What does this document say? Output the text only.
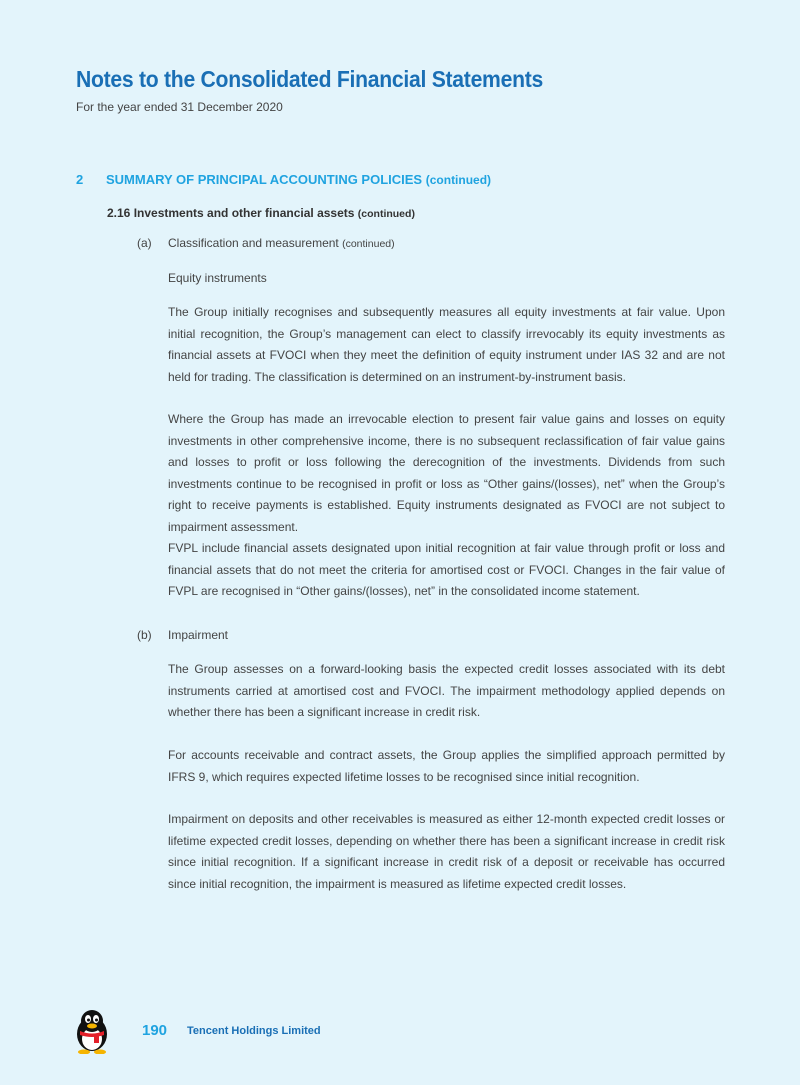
Notes to the Consolidated Financial Statements
For the year ended 31 December 2020
2 SUMMARY OF PRINCIPAL ACCOUNTING POLICIES (continued)
2.16 Investments and other financial assets (continued)
(a) Classification and measurement (continued)
Equity instruments

The Group initially recognises and subsequently measures all equity investments at fair value. Upon initial recognition, the Group’s management can elect to classify irrevocably its equity investments as financial assets at FVOCI when they meet the definition of equity instrument under IAS 32 and are not held for trading. The classification is determined on an instrument-by-instrument basis.

Where the Group has made an irrevocable election to present fair value gains and losses on equity investments in other comprehensive income, there is no subsequent reclassification of fair value gains and losses to profit or loss following the derecognition of the investments. Dividends from such investments continue to be recognised in profit or loss as “Other gains/(losses), net” when the Group’s right to receive payments is established. Equity instruments designated as FVOCI are not subject to impairment assessment.

FVPL include financial assets designated upon initial recognition at fair value through profit or loss and financial assets that do not meet the criteria for amortised cost or FVOCI. Changes in the fair value of FVPL are recognised in “Other gains/(losses), net” in the consolidated income statement.

(b) Impairment

The Group assesses on a forward-looking basis the expected credit losses associated with its debt instruments carried at amortised cost and FVOCI. The impairment methodology applied depends on whether there has been a significant increase in credit risk.

For accounts receivable and contract assets, the Group applies the simplified approach permitted by IFRS 9, which requires expected lifetime losses to be recognised since initial recognition.

Impairment on deposits and other receivables is measured as either 12-month expected credit losses or lifetime expected credit losses, depending on whether there has been a significant increase in credit risk since initial recognition. If a significant increase in credit risk of a deposit or receivable has occurred since initial recognition, the impairment is measured as lifetime expected credit losses.

190 Tencent Holdings Limited
